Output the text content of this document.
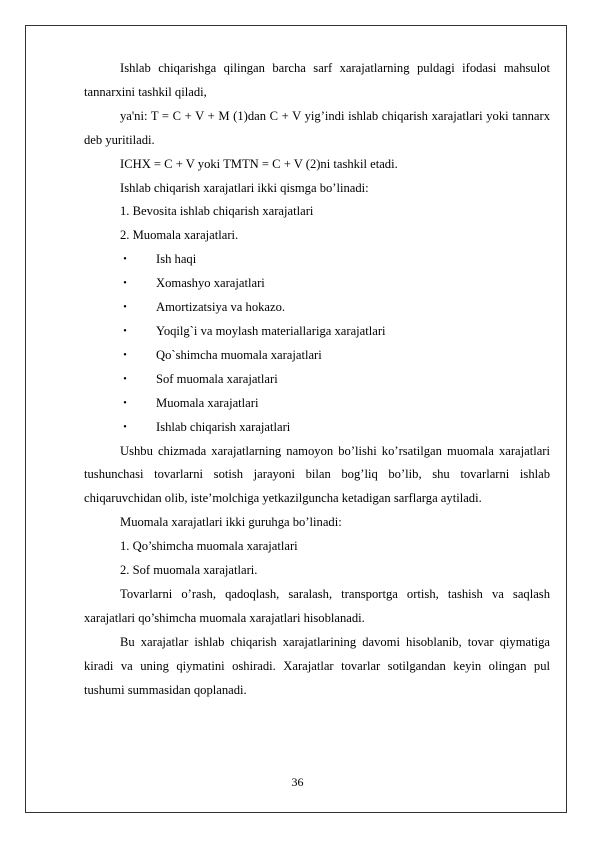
Ishlab chiqarishga qilingan barcha sarf xarajatlarning puldagi ifodasi mahsulot tannarxini tashkil qiladi,

ya'ni: T = C + V + M (1)dan C + V yig’indi ishlab chiqarish xarajatlari yoki tannarx deb yuritiladi.

ICHX = C + V yoki TMTN = C + V (2)ni tashkil etadi.

Ishlab chiqarish xarajatlari ikki qismga bo’linadi:

1. Bevosita ishlab chiqarish xarajatlari

2. Muomala xarajatlari.

• Ish haqi
• Xomashyo xarajatlari
• Amortizatsiya va hokazo.
• Yoqilg`i va moylash materiallariga xarajatlari
• Qo`shimcha muomala xarajatlari
• Sof muomala xarajatlari
• Muomala xarajatlari
• Ishlab chiqarish xarajatlari

Ushbu chizmada xarajatlarning namoyon bo’lishi ko’rsatilgan muomala xarajatlari tushunchasi tovarlarni sotish jarayoni bilan bog’liq bo’lib, shu tovarlarni ishlab chiqaruvchidan olib, iste’molchiga yetkazilguncha ketadigan sarflarga aytiladi.

Muomala xarajatlari ikki guruhga bo’linadi:

1. Qo’shimcha muomala xarajatlari

2. Sof muomala xarajatlari.

Tovarlarni o’rash, qadoqlash, saralash, transportga ortish, tashish va saqlash xarajatlari qo’shimcha muomala xarajatlari hisoblanadi.

Bu xarajatlar ishlab chiqarish xarajatlarining davomi hisoblanib, tovar qiymatiga kiradi va uning qiymatini oshiradi. Xarajatlar tovarlar sotilgandan keyin olingan pul tushumi summasidan qoplanadi.

36
